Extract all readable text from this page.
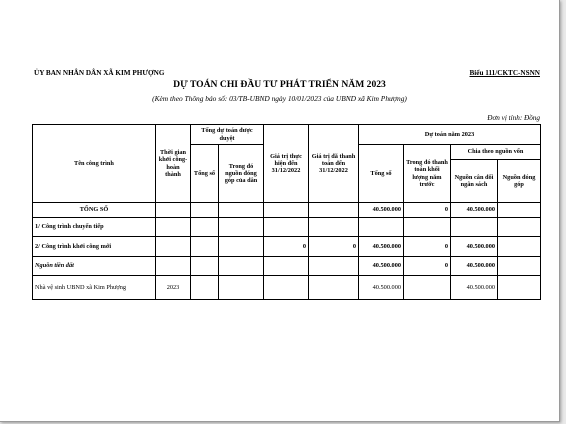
ỦY BAN NHÂN DÂN XÃ KIM PHƯỢNG	Biểu 111/CKTC-NSNN
DỰ TOÁN CHI ĐẦU TƯ PHÁT TRIỂN NĂM 2023
(Kèm theo Thông báo số: 03/TB-UBND ngày 10/01/2023 của UBND xã Kim Phượng)
Đơn vị tính: Đồng
Tên công trình	Thời gian khởi công-hoàn thành	Tổng dự toán được duyệt		Giá trị thực hiện đến 31/12/2022	Giá trị đã thanh toán đến 31/12/2022	Dự toán năm 2023			
		Tổng số	Trong đó nguồn đóng góp của dân			Tổng số	Trong đó thanh toán khối lượng năm trước	Chia theo nguồn vốn	
								Nguồn cân đối ngân sách	Nguồn đóng góp
TỔNG SỐ						40.500.000	0	40.500.000	
1/ Công trình chuyển tiếp									
2/ Công trình khởi công mới				0	0	40.500.000	0	40.500.000	
Nguồn tiền đất						40.500.000	0	40.500.000	
Nhà vệ sinh UBND xã Kim Phượng	2023					40.500.000		40.500.000	
